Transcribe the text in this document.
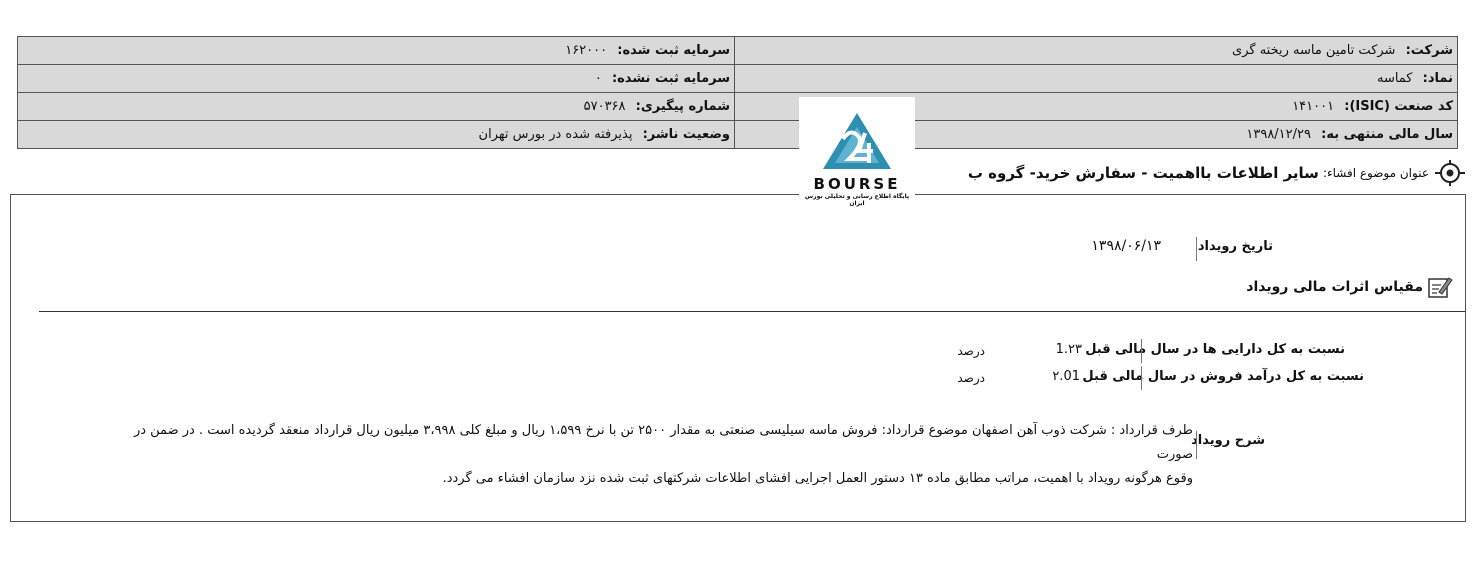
شرکت: شرکت تامین ماسه ریخته گری	سرمایه ثبت شده: ۱۶۲۰۰۰
نماد: کماسه	سرمایه ثبت نشده: ۰
کد صنعت (ISIC): ۱۴۱۰۰۱	شماره پیگیری: ۵۷۰۳۶۸
سال مالی منتهی به: ۱۳۹۸/۱۲/۲۹	وضعیت ناشر: پذیرفته شده در بورس تهران
BOURSE
پایگاه اطلاع رسانی و تحلیلی بورس ایران
عنوان موضوع افشاء:
سایر اطلاعات بااهمیت - سفارش خرید- گروه ب
تاریخ رویداد
۱۳۹۸/۰۶/۱۳
مقیاس اثرات مالی رویداد
نسبت به کل دارایی ها در سال مالی قبل
1.۲۳
درصد
نسبت به کل درآمد فروش در سال مالی قبل
۲.01
درصد
شرح رویداد
طرف قرارداد : شرکت ذوب آهن اصفهان موضوع قرارداد: فروش ماسه سیلیسی صنعتی به مقدار ۲۵۰۰ تن با نرخ ۱،۵۹۹ ریال و مبلغ کلی ۳،۹۹۸ میلیون ریال قرارداد منعقد گردیده است . در ضمن در صورت
وقوع هرگونه رویداد با اهمیت، مراتب مطابق ماده ۱۳ دستور العمل اجرایی افشای اطلاعات شرکتهای ثبت شده نزد سازمان افشاء می گردد.
